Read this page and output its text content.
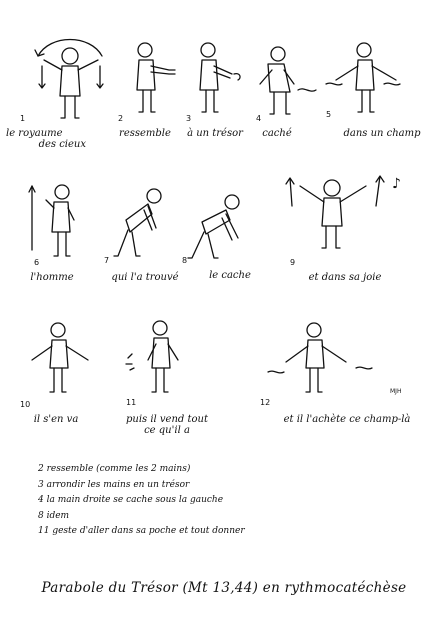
♪
1	2	3	4	5
6	7	8	9
10	11	12
le royaume
des cieux
ressemble	à un trésor	caché	dans un champ
l'homme	qui l'a trouvé	le cache	et dans sa joie
il s'en va	puis il vend tout
ce qu'il a
et il l'achète ce champ-là
MJH
2 ressemble (comme les 2 mains)
3 arrondir les mains en un trésor
4 la main droite se cache sous la gauche
8 idem
11 geste d'aller dans sa poche et tout donner
Parabole du Trésor (Mt 13,44) en rythmocatéchèse
